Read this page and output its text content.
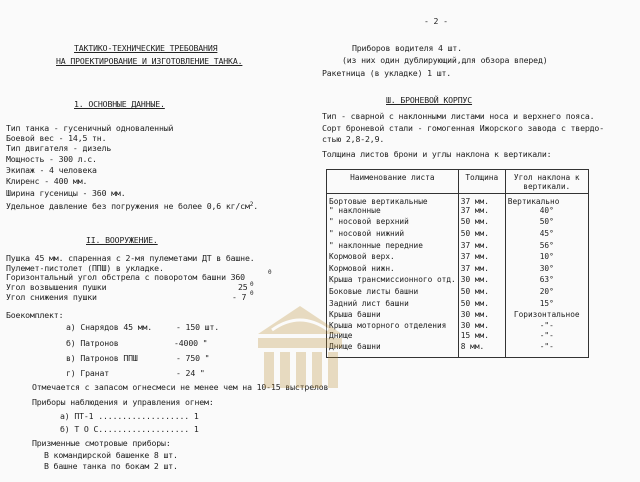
- 2 -
ТАКТИКО-ТЕХНИЧЕСКИЕ ТРЕБОВАНИЯ
НА ПРОЕКТИРОВАНИЕ И ИЗГОТОВЛЕНИЕ ТАНКА.
1. ОСНОВНЫЕ ДАННЫЕ.
Тип танка - гусеничный одноваленный
Боевой вес - 14,5 тн.
Тип двигателя - дизель
Мощность - 300 л.с.
Экипаж - 4 человека
Клиренс - 400 мм.
Ширина гусеницы - 360 мм.
Удельное давление без погружения не более 0,6 $кг/см^2$.
II. ВООРУЖЕНИЕ.
Пушка 45 мм. спаренная с 2-мя пулеметами ДТ в башне.
Пулемет-пистолет (ППШ) в укладке.
Горизонтальный угол обстрела с поворотом башни 360	0
Угол возвышения пушки	25 0
Угол снижения пушки	- 7 0
Боекомплект:
а) Снарядов 45 мм.	- 150 шт.
б) Патронов	-4000 "
в) Патронов ППШ	- 750 "
г) Гранат	- 24 "
Отмечается с запасом огнесмеси не менее чем на 10-15 выстрелов
Приборы наблюдения и управления огнем:
а) ПТ-1 ................... 1
б) Т О С................... 1
Призменные смотровые приборы:
В командирской башенке 8 шт.
В башне танка по бокам 2 шт.
Приборов водителя 4 шт.
(из них один дублирующий,для обзора вперед)
Ракетница (в укладке) 1 шт.
Ш. БРОНЕВОЙ КОРПУС
Тип - сварной с наклонными листами носа и верхнего пояса.
Сорт броневой стали - гомогенная Ижорского завода с твердо-
стью 2,8-2,9.
Толщина листов брони и углы наклона к вертикали:
Наименование листа	Толщина	Угол наклона к вертикали.
Бортовые вертикальные	37 мм.	Вертикально
" наклонные	37 мм.	40°
" носовой верхний	50 мм.	50°
" носовой нижний	50 мм.	45°
" наклонные передние	37 мм.	56°
Кормовой верх.	37 мм.	10°
Кормовой нижн.	37 мм.	30°
Крыша трансмиссионного отд.	30 мм.	63°
Боковые листы башни	50 мм.	20°
Задний лист башни	50 мм.	15°
Крыша башни	30 мм.	Горизонтальное
Крыша моторного отделения	30 мм.	-"-
Днище	15 мм.	-"-
Днище башни	8 мм.	-"-
